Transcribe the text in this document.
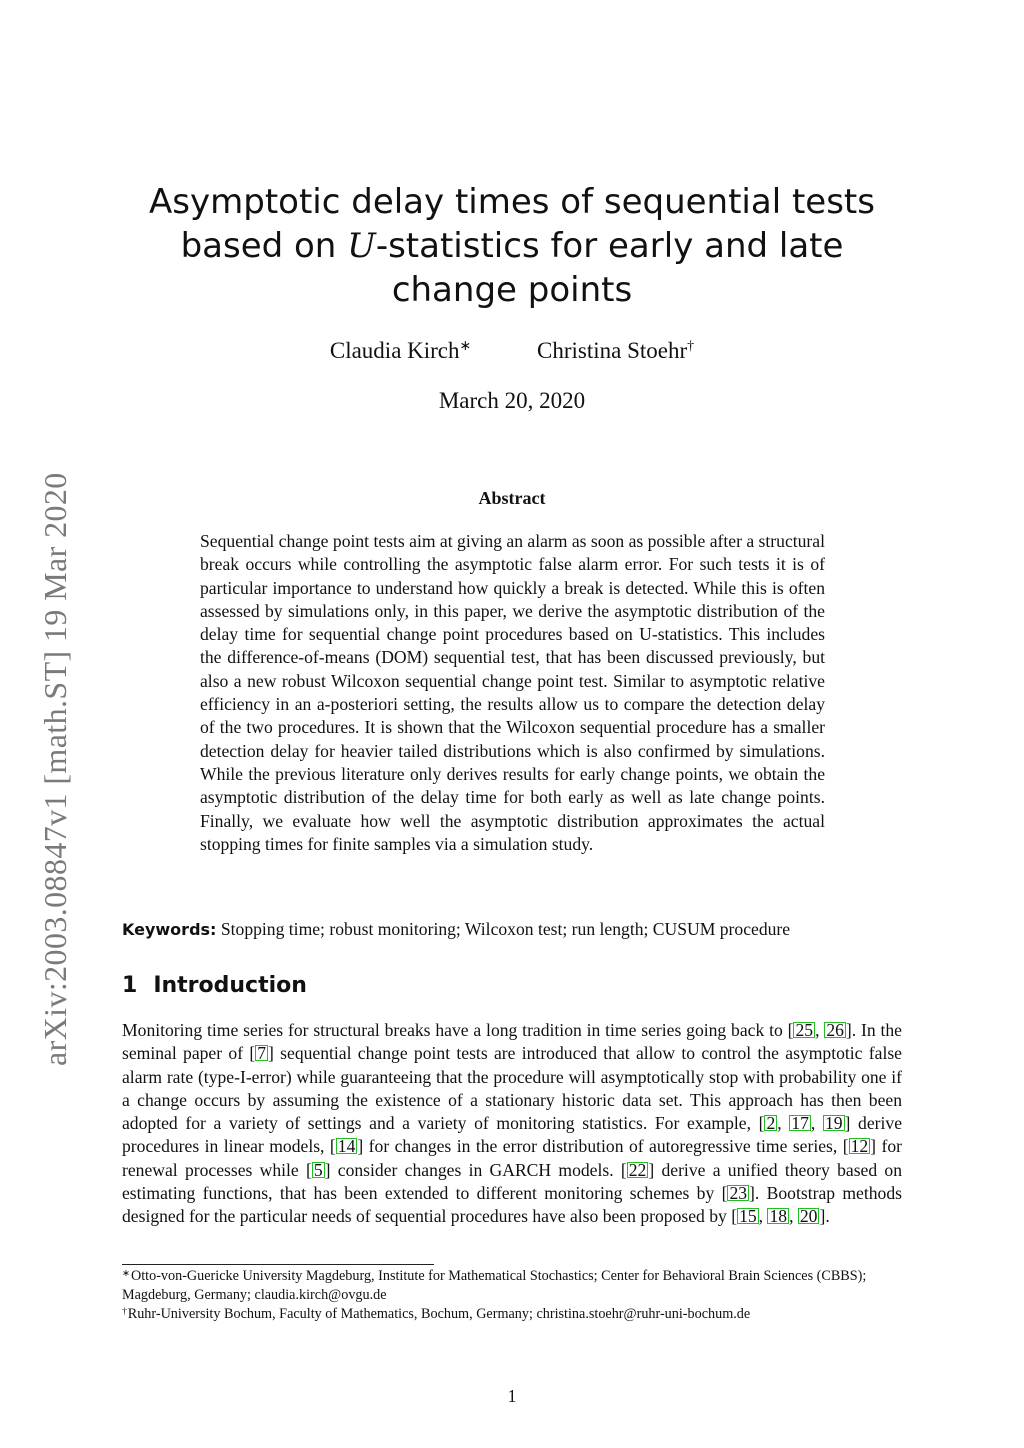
arXiv:2003.08847v1 [math.ST] 19 Mar 2020
Asymptotic delay times of sequential tests
based on U-statistics for early and late
change points
Claudia Kirch∗	Christina Stoehr†
March 20, 2020
Abstract
Sequential change point tests aim at giving an alarm as soon as possible after a structural break occurs while controlling the asymptotic false alarm error. For such tests it is of particular importance to understand how quickly a break is detected. While this is often assessed by simulations only, in this paper, we derive the asymptotic distribution of the delay time for sequential change point procedures based on U-statistics. This includes the difference-of-means (DOM) sequential test, that has been discussed previously, but also a new robust Wilcoxon sequential change point test. Similar to asymptotic relative efficiency in an a-posteriori setting, the results allow us to compare the detection delay of the two procedures. It is shown that the Wilcoxon sequential procedure has a smaller detection delay for heavier tailed distributions which is also confirmed by simulations. While the previous literature only derives results for early change points, we obtain the asymptotic distribution of the delay time for both early as well as late change points. Finally, we evaluate how well the asymptotic distribution approximates the actual stopping times for finite samples via a simulation study.
Keywords: Stopping time; robust monitoring; Wilcoxon test; run length; CUSUM procedure
1 Introduction
Monitoring time series for structural breaks have a long tradition in time series going back to [ 25 , 26 ]. In the seminal paper of [ 7 ] sequential change point tests are introduced that allow to control the asymptotic false alarm rate (type-I-error) while guaranteeing that the procedure will asymptotically stop with probability one if a change occurs by assuming the existence of a stationary historic data set. This approach has then been adopted for a variety of settings and a variety of monitoring statistics. For example, [ 2 , 17 , 19 ] derive procedures in linear models, [ 14 ] for changes in the error distribution of autoregressive time series, [ 12 ] for renewal processes while [ 5 ] consider changes in GARCH models. [ 22 ] derive a unified theory based on estimating functions, that has been extended to different monitoring schemes by [ 23 ]. Bootstrap methods designed for the particular needs of sequential procedures have also been proposed by [ 15 , 18 , 20 ].
∗Otto-von-Guericke University Magdeburg, Institute for Mathematical Stochastics; Center for Behavioral Brain Sciences (CBBS); Magdeburg, Germany; claudia.kirch@ovgu.de
†Ruhr-University Bochum, Faculty of Mathematics, Bochum, Germany; christina.stoehr@ruhr-uni-bochum.de
1
